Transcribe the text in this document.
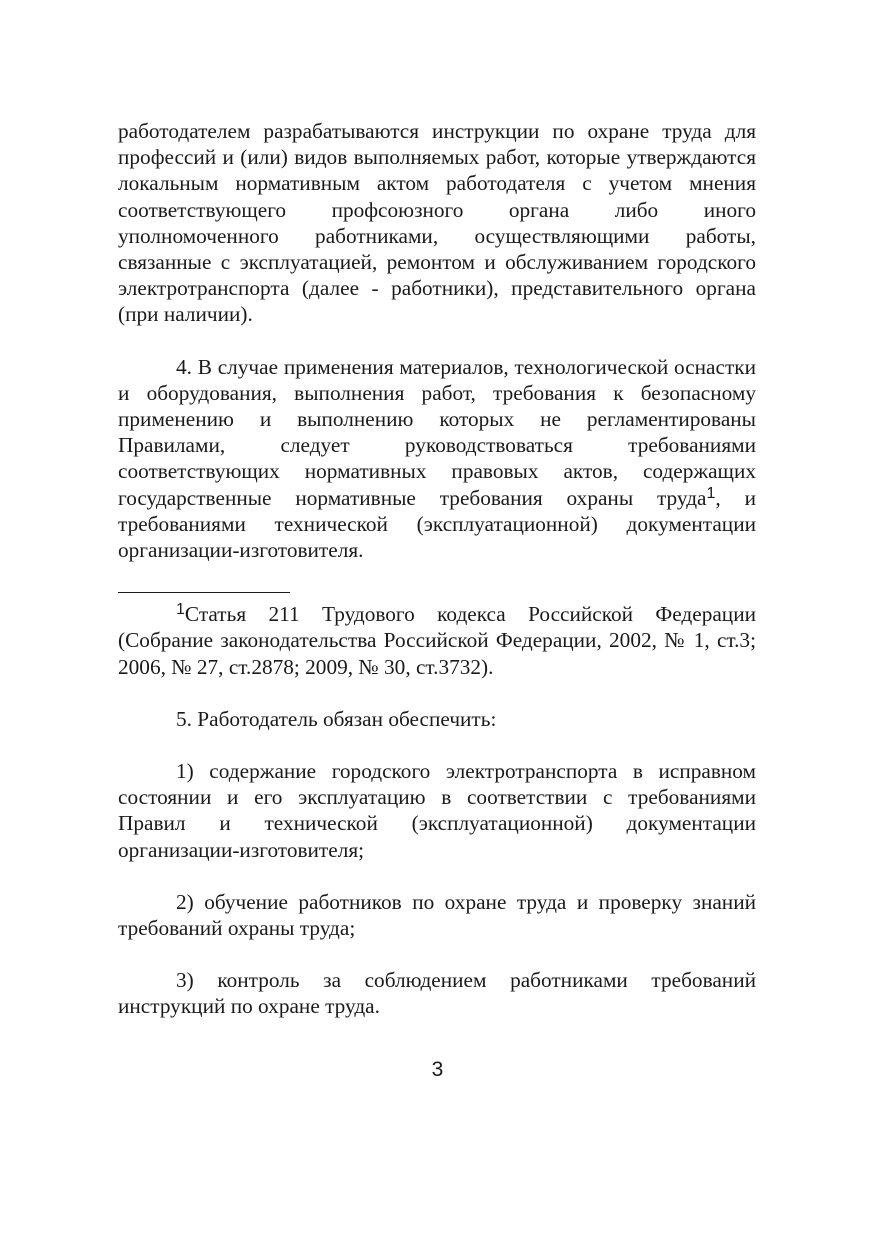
работодателем разрабатываются инструкции по охране труда для профессий и (или) видов выполняемых работ, которые утверждаются локальным нормативным актом работодателя с учетом мнения соответствующего профсоюзного органа либо иного уполномоченного работниками, осуществляющими работы, связанные с эксплуатацией, ремонтом и обслуживанием городского электротранспорта (далее - работники), представительного органа (при наличии).

4. В случае применения материалов, технологической оснастки и оборудования, выполнения работ, требования к безопасному применению и выполнению которых не регламентированы Правилами, следует руководствоваться требованиями соответствующих нормативных правовых актов, содержащих государственные нормативные требования охраны труда$^1$, и требованиями технической (эксплуатационной) документации организации-изготовителя.

$^1$Статья 211 Трудового кодекса Российской Федерации (Собрание законодательства Российской Федерации, 2002, № 1, ст.3; 2006, № 27, ст.2878; 2009, № 30, ст.3732).

5. Работодатель обязан обеспечить:

1) содержание городского электротранспорта в исправном состоянии и его эксплуатацию в соответствии с требованиями Правил и технической (эксплуатационной) документации организации-изготовителя;

2) обучение работников по охране труда и проверку знаний требований охраны труда;

3) контроль за соблюдением работниками требований инструкций по охране труда.

3
